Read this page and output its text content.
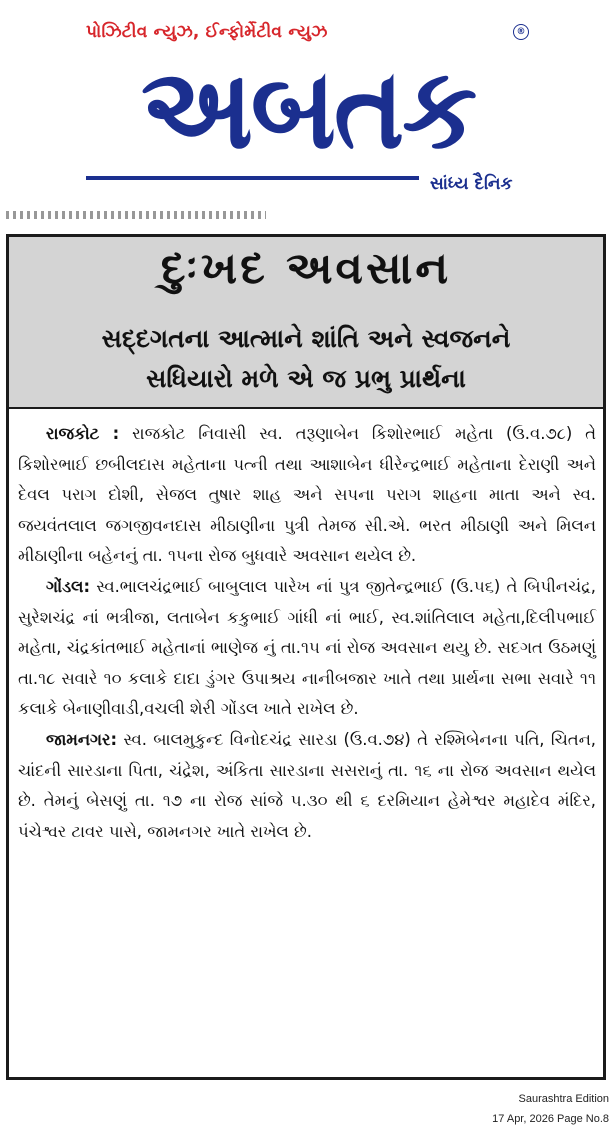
પોઝિટીવ ન્યુઝ, ઈન્ફોર્મેટીવ ન્યુઝ	®
અબતક
સાંધ્ય દૈનિક
દુઃખદ અવસાન
સદ્દગતના આત્માને શાંતિ અને સ્વજનને
સધિયારો મળે એ જ પ્રભુ પ્રાર્થના

રાજકોટ : રાજકોટ નિવાસી સ્વ. તરૂણાબેન કિશોરભાઈ મહેતા (ઉ.વ.૭૮) તે કિશોરભાઈ છબીલદાસ મહેતાના પત્ની તથા આશાબેન ધીરેન્દ્રભાઈ મહેતાના દેરાણી અને દેવલ પરાગ દોશી, સેજલ તુષાર શાહ અને સપના પરાગ શાહના માતા અને સ્વ. જયવંતલાલ જગજીવનદાસ મીઠાણીના પુત્રી તેમજ સી.એ. ભરત મીઠાણી અને મિલન મીઠાણીના બહેનનું તા. ૧૫ના રોજ બુધવારે અવસાન થયેલ છે.

ગોંડલ: સ્વ.ભાલચંદ્રભાઈ બાબુલાલ પારેખ નાં પુત્ર જીતેન્દ્રભાઈ (ઉ.૫૬) તે બિપીનચંદ્ર, સુરેશચંદ્ર નાં ભત્રીજા, લતાબેન કકુભાઈ ગાંધી નાં ભાઈ, સ્વ.શાંતિલાલ મહેતા,દિલીપભાઈ મહેતા, ચંદ્રકાંતભાઈ મહેતાનાં ભાણેજ નું તા.૧૫ નાં રોજ અવસાન થયુ છે. સદગત ઉઠમણું તા.૧૮ સવારે ૧૦ કલાકે દાદા ડુંગર ઉપાશ્રય નાનીબજાર ખાતે તથા પ્રાર્થના સભા સવારે ૧૧ કલાકે બેનાણીવાડી,વચલી શેરી ગોંડલ ખાતે રાખેલ છે.

જામનગર: સ્વ. બાલમુકુન્દ વિનોદચંદ્ર સારડા (ઉ.વ.૭૪) તે રશ્મિબેનના પતિ, ચિતન, ચાંદની સારડાના પિતા, ચંદ્રેશ, અંકિતા સારડાના સસરાનું તા. ૧૬ ના રોજ અવસાન થયેલ છે. તેમનું બેસણું તા. ૧૭ ના રોજ સાંજે ૫.૩૦ થી ૬ દરમિયાન હેમેશ્વર મહાદેવ મંદિર, પંચેશ્વર ટાવર પાસે, જામનગર ખાતે રાખેલ છે.

Saurashtra Edition
17 Apr, 2026 Page No.8
